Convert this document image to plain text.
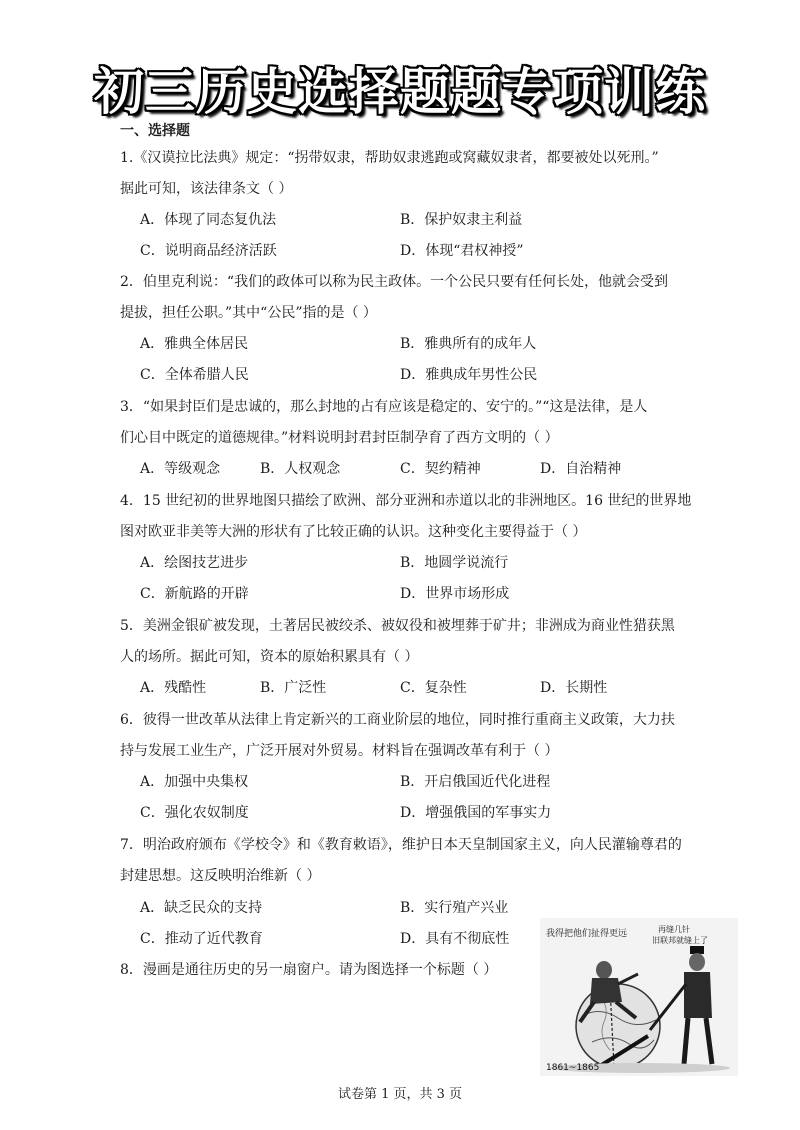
初三历史选择题题专项训练
一、选择题
1.《汉谟拉比法典》规定：“拐带奴隶，帮助奴隶逃跑或窝藏奴隶者，都要被处以死刑。”
据此可知，该法律条文（ ）
A．体现了同态复仇法	B．保护奴隶主利益
C．说明商品经济活跃	D．体现“君权神授”
2．伯里克利说：“我们的政体可以称为民主政体。一个公民只要有任何长处，他就会受到
提拔，担任公职。”其中“公民”指的是（ ）
A．雅典全体居民	B．雅典所有的成年人
C．全体希腊人民	D．雅典成年男性公民
3．“如果封臣们是忠诚的，那么封地的占有应该是稳定的、安宁的。”“这是法律，是人
们心目中既定的道德规律。”材料说明封君封臣制孕育了西方文明的（ ）
A．等级观念	B．人权观念	C．契约精神	D．自治精神
4．15 世纪初的世界地图只描绘了欧洲、部分亚洲和赤道以北的非洲地区。16 世纪的世界地
图对欧亚非美等大洲的形状有了比较正确的认识。这种变化主要得益于（ ）
A．绘图技艺进步	B．地圆学说流行
C．新航路的开辟	D．世界市场形成
5．美洲金银矿被发现，土著居民被绞杀、被奴役和被埋葬于矿井；非洲成为商业性猎获黑
人的场所。据此可知，资本的原始积累具有（ ）
A．残酷性	B．广泛性	C．复杂性	D．长期性
6．彼得一世改革从法律上肯定新兴的工商业阶层的地位，同时推行重商主义政策，大力扶
持与发展工业生产，广泛开展对外贸易。材料旨在强调改革有利于（ ）
A．加强中央集权	B．开启俄国近代化进程
C．强化农奴制度	D．增强俄国的军事实力
7．明治政府颁布《学校令》和《教育敕语》，维护日本天皇制国家主义，向人民灌输尊君的
封建思想。这反映明治维新（ ）
A．缺乏民众的支持	B．实行殖产兴业
C．推动了近代教育	D．具有不彻底性
8．漫画是通往历史的另一扇窗户。请为图选择一个标题（ ）
我得把他们扯得更远	再缝几针
旧联邦就缝上了
1861~1865
试卷第 1 页，共 3 页
